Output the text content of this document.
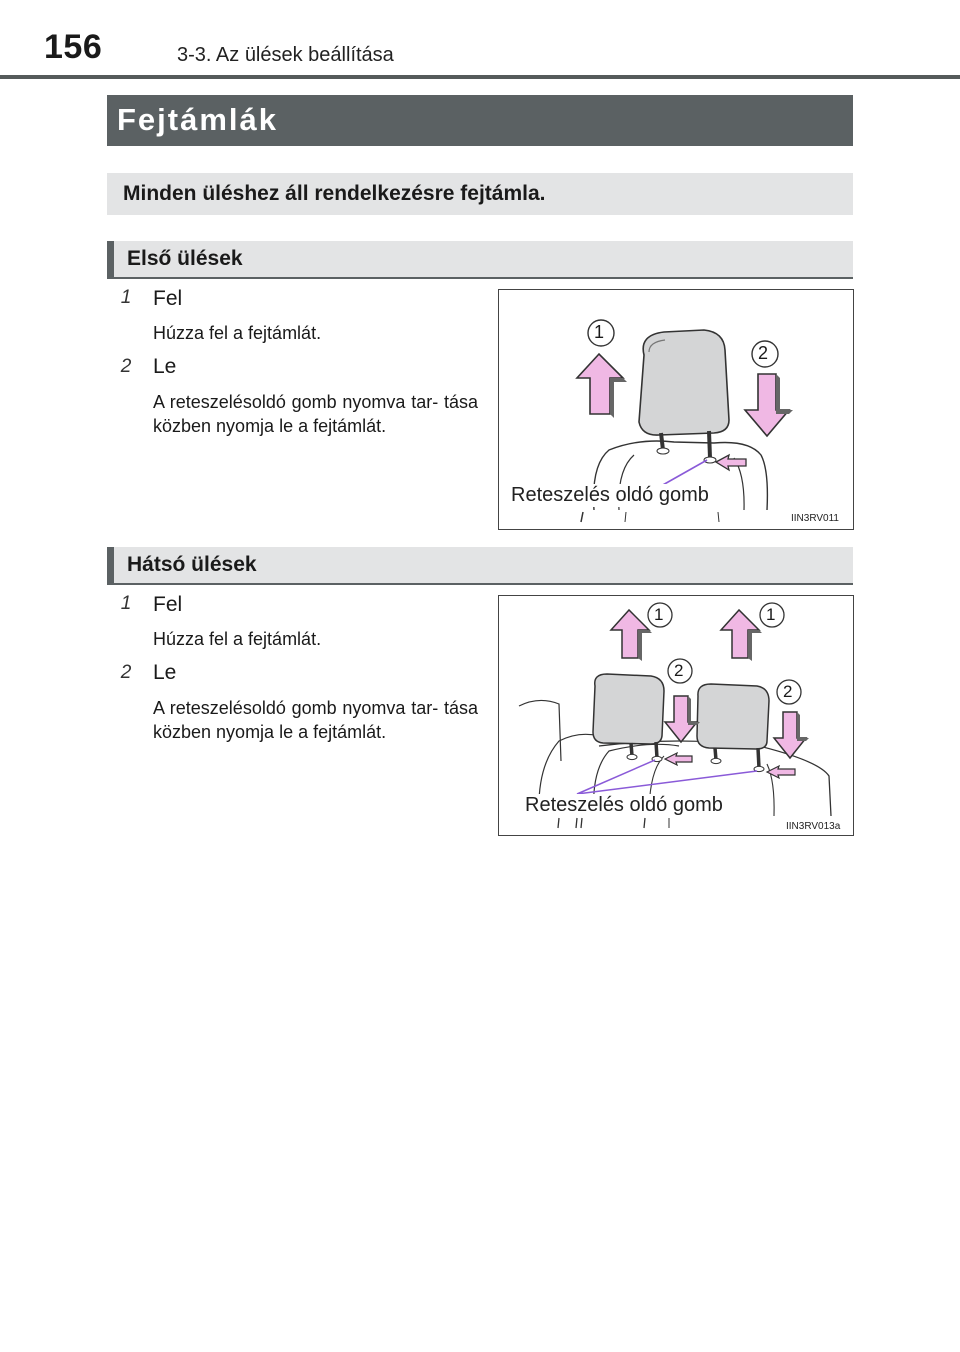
156	3-3. Az ülések beállítása
Fejtámlák
Minden üléshez áll rendelkezésre fejtámla.
Első ülések
1 Fel
Húzza fel a fejtámlát.
2 Le
A reteszelésoldó gomb nyomva tar- tása közben nyomja le a fejtámlát.
1
2
Reteszelés oldó gomb
IIN3RV011
Hátsó ülések
1 Fel
Húzza fel a fejtámlát.
2 Le
A reteszelésoldó gomb nyomva tar- tása közben nyomja le a fejtámlát.
1	1
2
2
Reteszelés oldó gomb
IIN3RV013a
